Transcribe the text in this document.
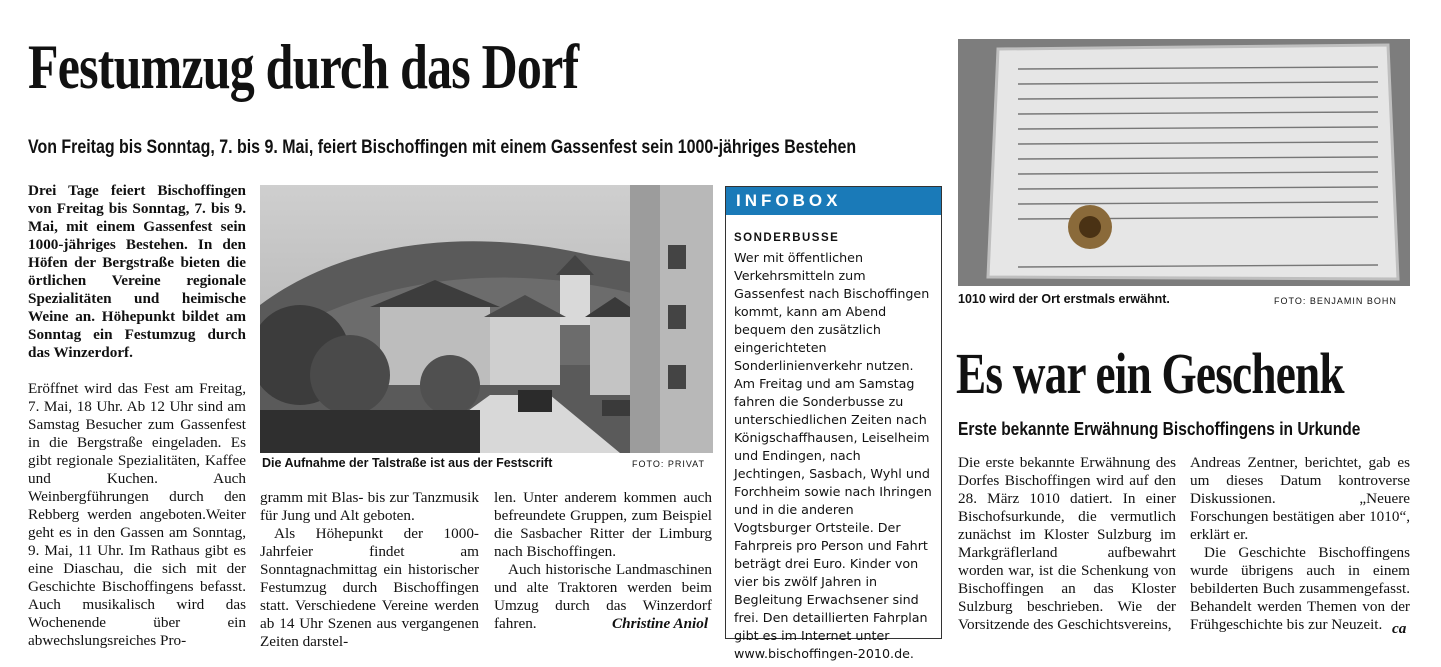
Festumzug durch das Dorf
Von Freitag bis Sonntag, 7. bis 9. Mai, feiert Bischoffingen mit einem Gassenfest sein 1000-jähriges Bestehen

Drei Tage feiert Bischoffingen von Freitag bis Sonntag, 7. bis 9. Mai, mit einem Gassenfest sein 1000-jähriges Bestehen. In den Höfen der Bergstraße bieten die örtlichen Vereine regionale Spezialitäten und heimische Weine an. Höhepunkt bildet am Sonntag ein Festumzug durch das Winzerdorf.

Eröffnet wird das Fest am Freitag, 7. Mai, 18 Uhr. Ab 12 Uhr sind am Samstag Besucher zum Gassenfest in die Bergstraße eingeladen. Es gibt regionale Spezialitäten, Kaffee und Kuchen. Auch Weinbergführungen durch den Rebberg werden angeboten.Weiter geht es in den Gassen am Sonntag, 9. Mai, 11 Uhr. Im Rathaus gibt es eine Diaschau, die sich mit der Geschichte Bischoffingens befasst. Auch musikalisch wird das Wochenende über ein abwechslungsreiches Pro-

Die Aufnahme der Talstraße ist aus der Festscrift	FOTO: PRIVAT

gramm mit Blas- bis zur Tanzmusik für Jung und Alt geboten.

Als Höhepunkt der 1000-Jahrfeier findet am Sonntagnachmittag ein historischer Festumzug durch Bischoffingen statt. Verschiedene Vereine werden ab 14 Uhr Szenen aus vergangenen Zeiten darstel-

len. Unter anderem kommen auch befreundete Gruppen, zum Beispiel die Sasbacher Ritter der Limburg nach Bischoffingen.

Auch historische Landmaschinen und alte Traktoren werden beim Umzug durch das Winzerdorf fahren.	Christine Aniol
INFOBOX
SONDERBUSSE
Wer mit öffentlichen Verkehrsmitteln zum Gassenfest nach Bischoffingen kommt, kann am Abend bequem den zusätzlich eingerichteten Sonderlinienverkehr nutzen. Am Freitag und am Samstag fahren die Sonderbusse zu unterschiedlichen Zeiten nach Königschaffhausen, Leiselheim und Endingen, nach Jechtingen, Sasbach, Wyhl und Forchheim sowie nach Ihringen und in die anderen Vogtsburger Ortsteile. Der Fahrpreis pro Person und Fahrt beträgt drei Euro. Kinder von vier bis zwölf Jahren in Begleitung Erwachsener sind frei. Den detaillierten Fahrplan gibt es im Internet unter www.bischoffingen-2010.de.
1010 wird der Ort erstmals erwähnt.	FOTO: BENJAMIN BOHN
Es war ein Geschenk
Erste bekannte Erwähnung Bischoffingens in Urkunde

Die erste bekannte Erwähnung des Dorfes Bischoffingen wird auf den 28. März 1010 datiert. In einer Bischofsurkunde, die vermutlich zunächst im Kloster Sulzburg im Markgräflerland aufbewahrt worden war, ist die Schenkung von Bischoffingen an das Kloster Sulzburg beschrieben. Wie der Vorsitzende des Geschichtsvereins,

Andreas Zentner, berichtet, gab es um dieses Datum kontroverse Diskussionen. „Neuere Forschungen bestätigen aber 1010“, erklärt er.

Die Geschichte Bischoffingens wurde übrigens auch in einem bebilderten Buch zusammengefasst. Behandelt werden Themen von der Frühgeschichte bis zur Neuzeit. ca
